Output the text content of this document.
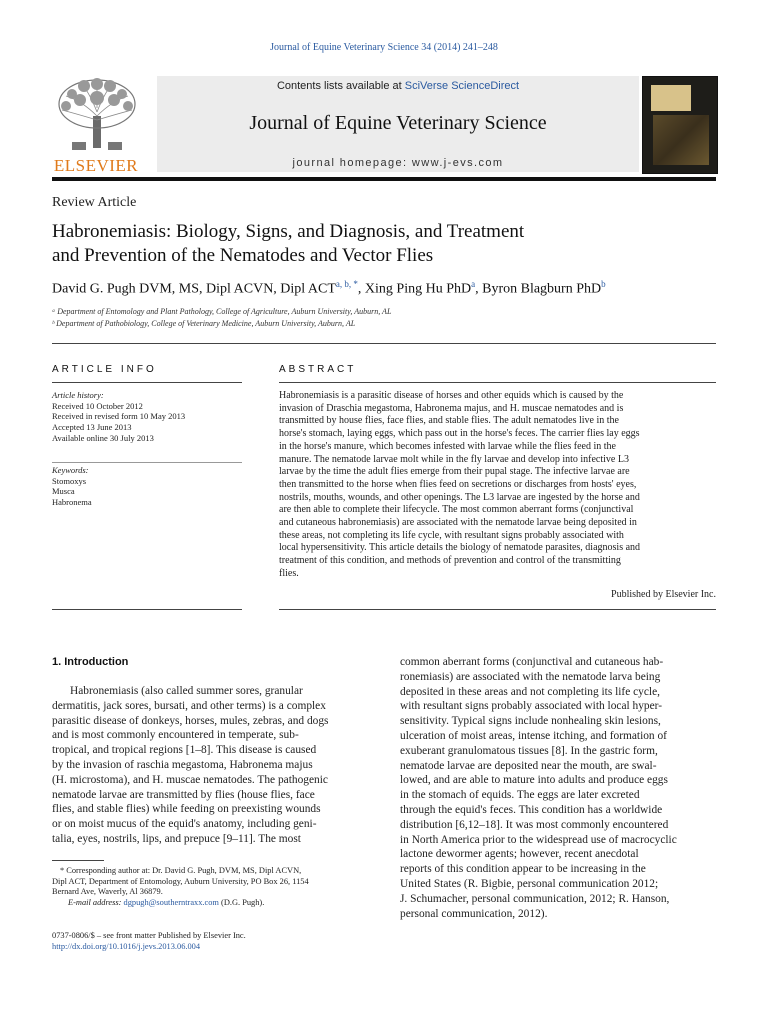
Journal of Equine Veterinary Science 34 (2014) 241–248
ELSEVIER
Contents lists available at SciVerse ScienceDirect
Journal of Equine Veterinary Science
journal homepage: www.j-evs.com
Review Article
Habronemiasis: Biology, Signs, and Diagnosis, and Treatment
and Prevention of the Nematodes and Vector Flies
David G. Pugh DVM, MS, Dipl ACVN, Dipl $ACT^{a, b, *}$, Xing Ping Hu PhD$^a$, Byron Blagburn PhD$^b$
ᵃ Department of Entomology and Plant Pathology, College of Agriculture, Auburn University, Auburn, AL
ᵇ Department of Pathobiology, College of Veterinary Medicine, Auburn University, Auburn, AL
ARTICLE INFO
Article history:
Received 10 October 2012
Received in revised form 10 May 2013
Accepted 13 June 2013
Available online 30 July 2013
Keywords:
Stomoxys
Musca
Habronema
ABSTRACT
Habronemiasis is a parasitic disease of horses and other equids which is caused by the
invasion of Draschia megastoma, Habronema majus, and H. muscae nematodes and is
transmitted by house flies, face flies, and stable flies. The adult nematodes live in the
horse's stomach, laying eggs, which pass out in the horse's feces. The carrier flies lay eggs
in the horse's manure, which becomes infested with larvae while the flies feed in the
manure. The nematode larvae molt while in the fly larvae and develop into infective L3
larvae by the time the adult flies emerge from their pupal stage. The infective larvae are
then transmitted to the horse when flies feed on secretions or discharges from hosts' eyes,
nostrils, mouths, wounds, and other openings. The L3 larvae are ingested by the horse and
are then able to complete their lifecycle. The most common aberrant forms (conjunctival
and cutaneous habronemiasis) are associated with the nematode larvae being deposited in
these areas, not completing its life cycle, with resultant signs probably associated with
local hypersensitivity. This article details the biology of nematode parasites, diagnosis and
treatment of this condition, and methods of prevention and control of the transmitting
flies.
Published by Elsevier Inc.
1. Introduction
Habronemiasis (also called summer sores, granular
dermatitis, jack sores, bursati, and other terms) is a complex
parasitic disease of donkeys, horses, mules, zebras, and dogs
and is most commonly encountered in temperate, sub-
tropical, and tropical regions [1–8]. This disease is caused
by the invasion of raschia megastoma, Habronema majus
(H. microstoma), and H. muscae nematodes. The pathogenic
nematode larvae are transmitted by flies (house flies, face
flies, and stable flies) while feeding on preexisting wounds
or on moist mucus of the equid's anatomy, including geni-
talia, eyes, nostrils, lips, and prepuce [9–11]. The most
common aberrant forms (conjunctival and cutaneous hab-
ronemiasis) are associated with the nematode larva being
deposited in these areas and not completing its life cycle,
with resultant signs probably associated with local hyper-
sensitivity. Typical signs include nonhealing skin lesions,
ulceration of moist areas, intense itching, and formation of
exuberant granulomatous tissues [8]. In the gastric form,
nematode larvae are deposited near the mouth, are swal-
lowed, and are able to mature into adults and produce eggs
in the stomach of equids. The eggs are later excreted
through the equid's feces. This condition has a worldwide
distribution [6,12–18]. It was most commonly encountered
in North America prior to the widespread use of macrocyclic
lactone dewormer agents; however, recent anecdotal
reports of this condition appear to be increasing in the
United States (R. Bigbie, personal communication 2012;
J. Schumacher, personal communication, 2012; R. Hanson,
personal communication, 2012).
* Corresponding author at: Dr. David G. Pugh, DVM, MS, Dipl ACVN,
Dipl ACT, Department of Entomology, Auburn University, PO Box 26, 1154
Bernard Ave, Waverly, Al 36879.
E-mail address: dgpugh@southerntraxx.com (D.G. Pugh).
0737-0806/$ – see front matter Published by Elsevier Inc.
http://dx.doi.org/10.1016/j.jevs.2013.06.004
